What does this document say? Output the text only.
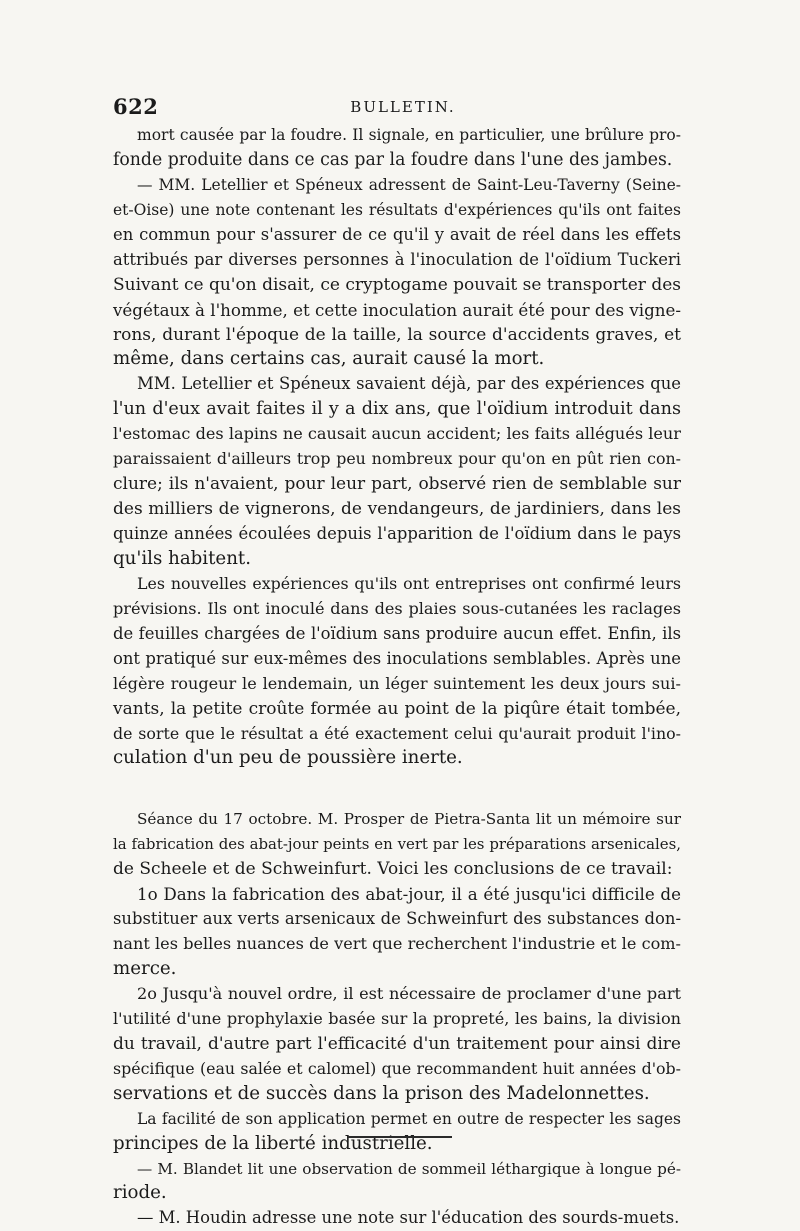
622	BULLETIN.
mort causée par la foudre. Il signale, en particulier, une brûlure pro-
fonde produite dans ce cas par la foudre dans l'une des jambes.
— MM. Letellier et Spéneux adressent de Saint-Leu-Taverny (Seine-
et-Oise) une note contenant les résultats d'expériences qu'ils ont faites
en commun pour s'assurer de ce qu'il y avait de réel dans les effets
attribués par diverses personnes à l'inoculation de l'oïdium Tuckeri
Suivant ce qu'on disait, ce cryptogame pouvait se transporter des
végétaux à l'homme, et cette inoculation aurait été pour des vigne-
rons, durant l'époque de la taille, la source d'accidents graves, et
même, dans certains cas, aurait causé la mort.
MM. Letellier et Spéneux savaient déjà, par des expériences que
l'un d'eux avait faites il y a dix ans, que l'oïdium introduit dans
l'estomac des lapins ne causait aucun accident; les faits allégués leur
paraissaient d'ailleurs trop peu nombreux pour qu'on en pût rien con-
clure; ils n'avaient, pour leur part, observé rien de semblable sur
des milliers de vignerons, de vendangeurs, de jardiniers, dans les
quinze années écoulées depuis l'apparition de l'oïdium dans le pays
qu'ils habitent.
Les nouvelles expériences qu'ils ont entreprises ont confirmé leurs
prévisions. Ils ont inoculé dans des plaies sous-cutanées les raclages
de feuilles chargées de l'oïdium sans produire aucun effet. Enfin, ils
ont pratiqué sur eux-mêmes des inoculations semblables. Après une
légère rougeur le lendemain, un léger suintement les deux jours sui-
vants, la petite croûte formée au point de la piqûre était tombée,
de sorte que le résultat a été exactement celui qu'aurait produit l'ino-
culation d'un peu de poussière inerte.
Séance du 17 octobre. M. Prosper de Pietra-Santa lit un mémoire sur
la fabrication des abat-jour peints en vert par les préparations arsenicales,
de Scheele et de Schweinfurt. Voici les conclusions de ce travail:
1o Dans la fabrication des abat-jour, il a été jusqu'ici difficile de
substituer aux verts arsenicaux de Schweinfurt des substances don-
nant les belles nuances de vert que recherchent l'industrie et le com-
merce.
2o Jusqu'à nouvel ordre, il est nécessaire de proclamer d'une part
l'utilité d'une prophylaxie basée sur la propreté, les bains, la division
du travail, d'autre part l'efficacité d'un traitement pour ainsi dire
spécifique (eau salée et calomel) que recommandent huit années d'ob-
servations et de succès dans la prison des Madelonnettes.
La facilité de son application permet en outre de respecter les sages
principes de la liberté industrielle.
— M. Blandet lit une observation de sommeil léthargique à longue pé-
riode.
— M. Houdin adresse une note sur l'éducation des sourds-muets.
